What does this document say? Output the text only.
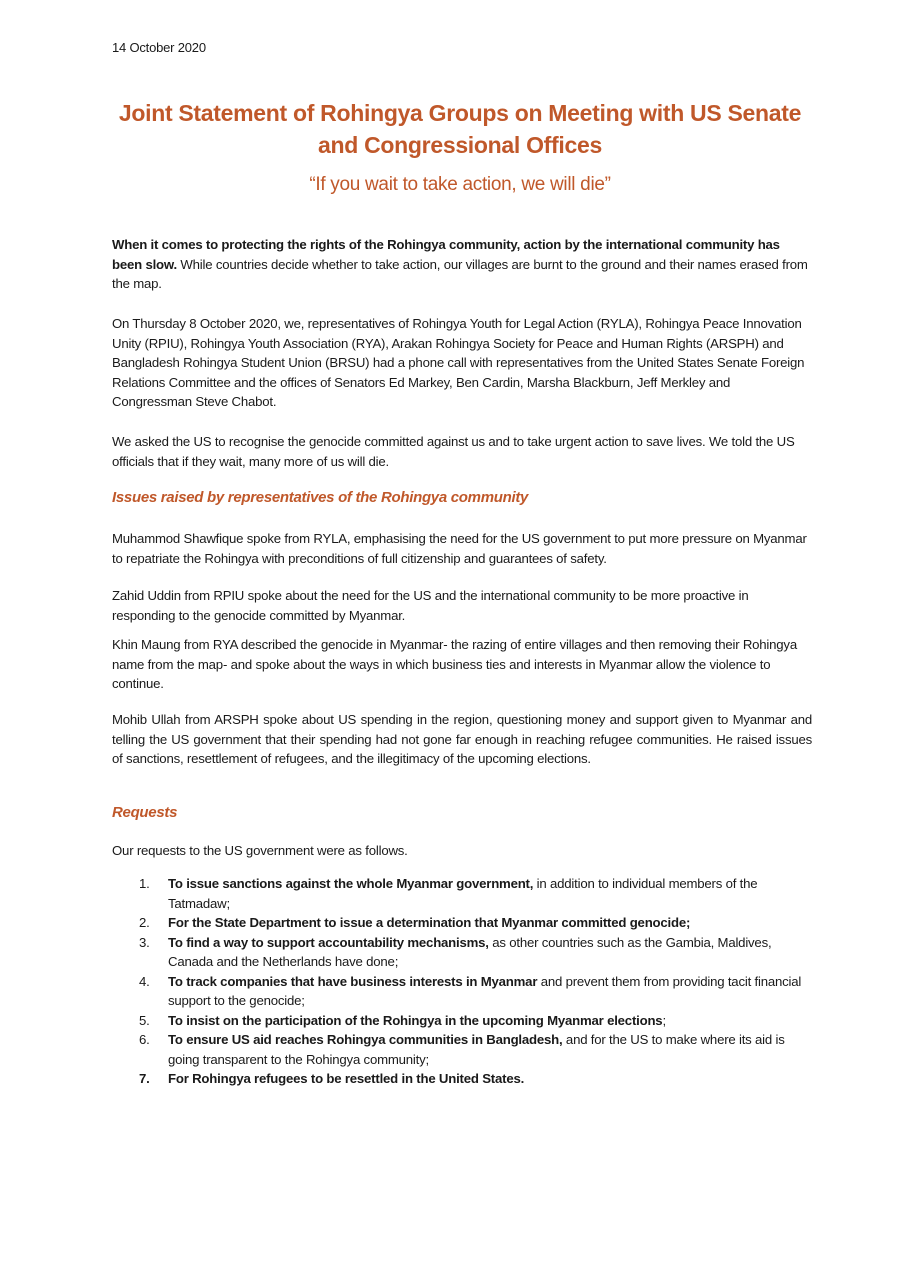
14 October 2020
Joint Statement of Rohingya Groups on Meeting with US Senate
and Congressional Offices
“If you wait to take action, we will die”

When it comes to protecting the rights of the Rohingya community, action by the international community has been slow. While countries decide whether to take action, our villages are burnt to the ground and their names erased from the map.

On Thursday 8 October 2020, we, representatives of Rohingya Youth for Legal Action (RYLA), Rohingya Peace Innovation Unity (RPIU), Rohingya Youth Association (RYA), Arakan Rohingya Society for Peace and Human Rights (ARSPH) and Bangladesh Rohingya Student Union (BRSU) had a phone call with representatives from the United States Senate Foreign Relations Committee and the offices of Senators Ed Markey, Ben Cardin, Marsha Blackburn, Jeff Merkley and Congressman Steve Chabot.

We asked the US to recognise the genocide committed against us and to take urgent action to save lives. We told the US officials that if they wait, many more of us will die.

Issues raised by representatives of the Rohingya community

Muhammod Shawfique spoke from RYLA, emphasising the need for the US government to put more pressure on Myanmar to repatriate the Rohingya with preconditions of full citizenship and guarantees of safety.

Zahid Uddin from RPIU spoke about the need for the US and the international community to be more proactive in responding to the genocide committed by Myanmar.

Khin Maung from RYA described the genocide in Myanmar- the razing of entire villages and then removing their Rohingya name from the map- and spoke about the ways in which business ties and interests in Myanmar allow the violence to continue.

Mohib Ullah from ARSPH spoke about US spending in the region, questioning money and support given to Myanmar and telling the US government that their spending had not gone far enough in reaching refugee communities. He raised issues of sanctions, resettlement of refugees, and the illegitimacy of the upcoming elections.

Requests

Our requests to the US government were as follows.

1. To issue sanctions against the whole Myanmar government, in addition to individual members of the Tatmadaw;
2. For the State Department to issue a determination that Myanmar committed genocide;
3. To find a way to support accountability mechanisms, as other countries such as the Gambia, Maldives, Canada and the Netherlands have done;
4. To track companies that have business interests in Myanmar and prevent them from providing tacit financial support to the genocide;
5. To insist on the participation of the Rohingya in the upcoming Myanmar elections;
6. To ensure US aid reaches Rohingya communities in Bangladesh, and for the US to make where its aid is going transparent to the Rohingya community;
7. For Rohingya refugees to be resettled in the United States.
